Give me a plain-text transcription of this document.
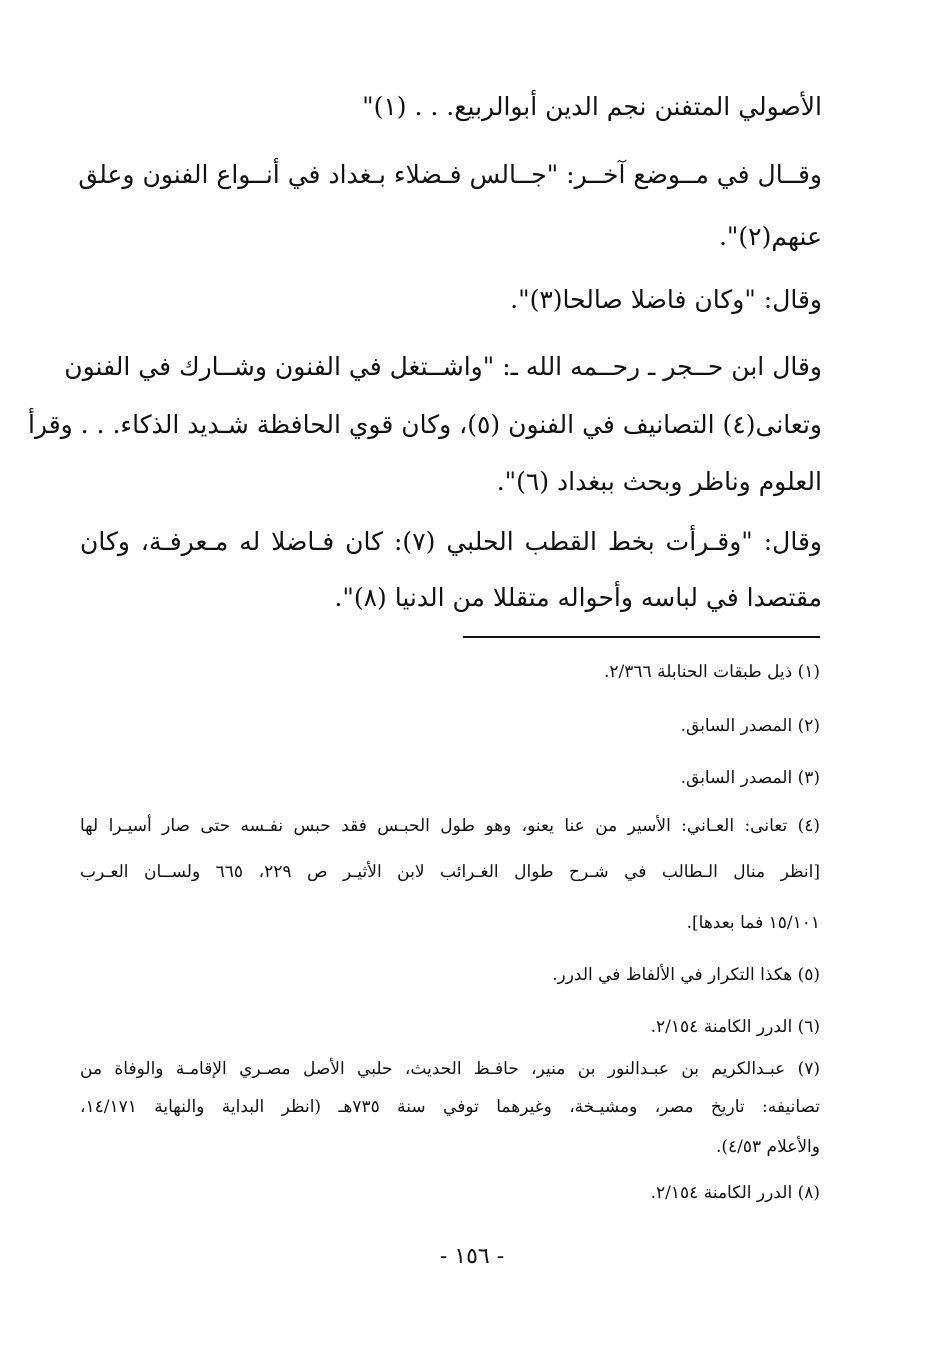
الأصولي المتفنن نجم الدين أبوالربيع. . . (١)"
وقــال في مــوضع آخــر: "جــالس فـضلاء بـغداد في أنــواع الفنون وعلق
عنهم(٢)".
وقال: "وكان فاضلا صالحا(٣)".
وقال ابن حــجر ـ رحــمه الله ـ: "واشــتغل في الفنون وشــارك في الفنون
وتعانى(٤) التصانيف في الفنون (٥)، وكان قوي الحافظة شـديد الذكاء. . . وقرأ
العلوم وناظر وبحث ببغداد (٦)".
وقال: "وقـرأت بخط القطب الحلبي (٧): كان فـاضلا له مـعرفـة، وكان
مقتصدا في لباسه وأحواله متقللا من الدنيا (٨)".
(١) ذيل طبقات الحنابلة ٢/٣٦٦.
(٢) المصدر السابق.
(٣) المصدر السابق.
(٤) تعانى: العـاني: الأسير من عنا يعنو، وهو طول الحبـس فقد حبس نفـسه حتى صار أسيـرا لها
[انظر منال الـطالب في شـرح طوال الغـرائب لابن الأثيـر ص ٢٢٩، ٦٦٥ ولســان العـرب
١٥/١٠١ فما بعدها].
(٥) هكذا التكرار في الألفاظ في الدرر.
(٦) الدرر الكامنة ٢/١٥٤.
(٧) عبـدالكريم بن عبـدالنور بن منير، حافـظ الحديث، حلبي الأصل مصـري الإقامـة والوفاة من
تصانيفه: تاريخ مصر، ومشيـخة، وغيرهما توفي سنة ٧٣٥هـ (انظر البداية والنهاية ١٤/١٧١،
والأعلام ٤/٥٣).
(٨) الدرر الكامنة ٢/١٥٤.
- ١٥٦ -
